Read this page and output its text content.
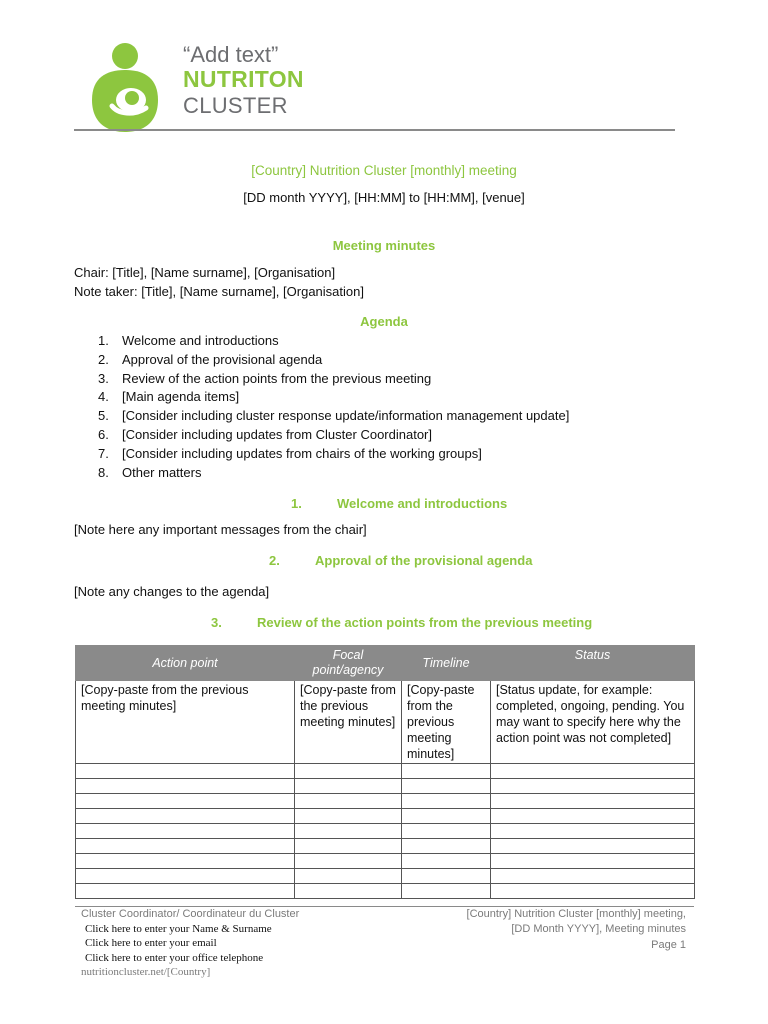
“Add text”
NUTRITON
CLUSTER
[Country] Nutrition Cluster [monthly] meeting
[DD month YYYY], [HH:MM] to [HH:MM], [venue]
Meeting minutes
Chair: [Title], [Name surname], [Organisation]
Note taker: [Title], [Name surname], [Organisation]
Agenda
1. Welcome and introductions
2. Approval of the provisional agenda
3. Review of the action points from the previous meeting
4. [Main agenda items]
5. [Consider including cluster response update/information management update]
6. [Consider including updates from Cluster Coordinator]
7. [Consider including updates from chairs of the working groups]
8. Other matters
1.	Welcome and introductions
[Note here any important messages from the chair]
2.	Approval of the provisional agenda
[Note any changes to the agenda]
3.	Review of the action points from the previous meeting
Action point	Focal point/agency	Timeline	Status
[Copy-paste from the previous meeting minutes]	[Copy-paste from the previous meeting minutes]	[Copy-paste from the previous meeting minutes]	[Status update, for example: completed, ongoing, pending. You may want to specify here why the action point was not completed]

Cluster Coordinator/ Coordinateur du Cluster
Click here to enter your Name & Surname
Click here to enter your email
Click here to enter your office telephone
nutritioncluster.net/[Country]
[Country] Nutrition Cluster [monthly] meeting,
[DD Month YYYY], Meeting minutes
Page 1
